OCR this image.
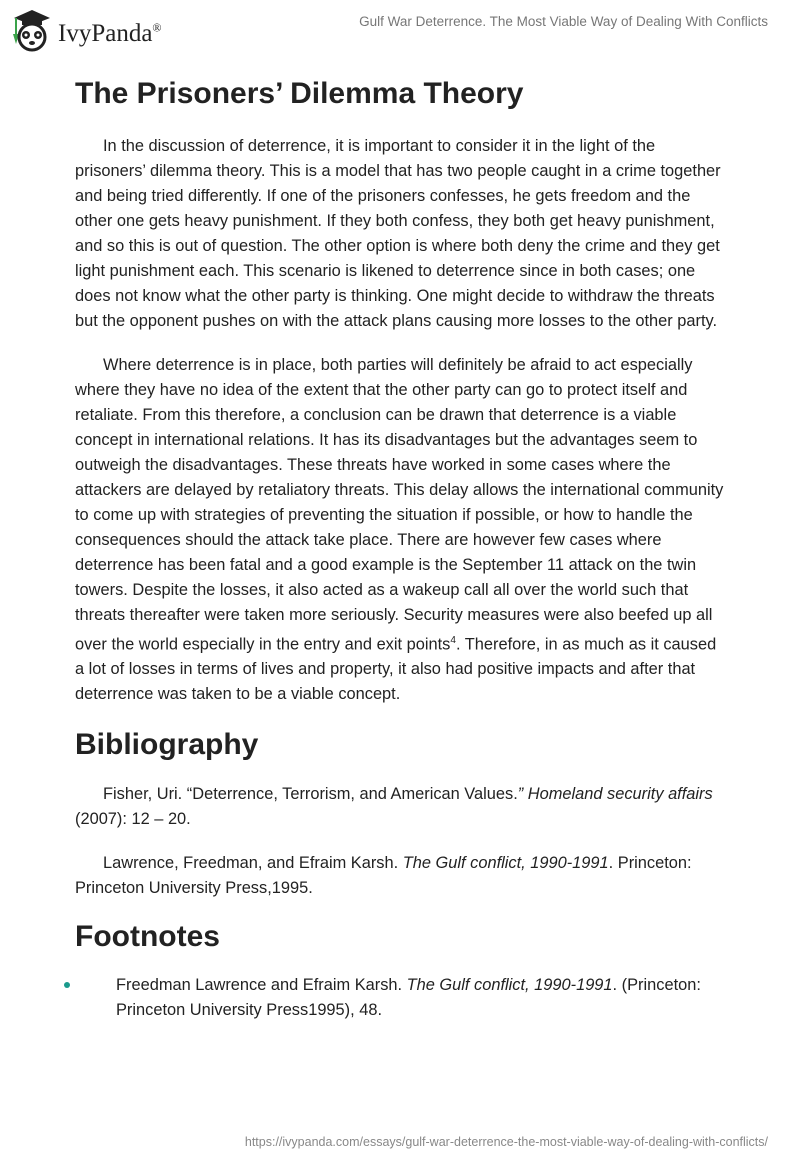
IvyPanda®	Gulf War Deterrence. The Most Viable Way of Dealing With Conflicts
The Prisoners’ Dilemma Theory

In the discussion of deterrence, it is important to consider it in the light of the prisoners’ dilemma theory. This is a model that has two people caught in a crime together and being tried differently. If one of the prisoners confesses, he gets freedom and the other one gets heavy punishment. If they both confess, they both get heavy punishment, and so this is out of question. The other option is where both deny the crime and they get light punishment each. This scenario is likened to deterrence since in both cases; one does not know what the other party is thinking. One might decide to withdraw the threats but the opponent pushes on with the attack plans causing more losses to the other party.

Where deterrence is in place, both parties will definitely be afraid to act especially where they have no idea of the extent that the other party can go to protect itself and retaliate. From this therefore, a conclusion can be drawn that deterrence is a viable concept in international relations. It has its disadvantages but the advantages seem to outweigh the disadvantages. These threats have worked in some cases where the attackers are delayed by retaliatory threats. This delay allows the international community to come up with strategies of preventing the situation if possible, or how to handle the consequences should the attack take place. There are however few cases where deterrence has been fatal and a good example is the September 11 attack on the twin towers. Despite the losses, it also acted as a wakeup call all over the world such that threats thereafter were taken more seriously. Security measures were also beefed up all over the world especially in the entry and exit points$^4$. Therefore, in as much as it caused a lot of losses in terms of lives and property, it also had positive impacts and after that deterrence was taken to be a viable concept.

Bibliography

Fisher, Uri. “Deterrence, Terrorism, and American Values.” Homeland security affairs (2007): 12 – 20.

Lawrence, Freedman, and Efraim Karsh. The Gulf conflict, 1990-1991. Princeton: Princeton University Press,1995.

Footnotes

Freedman Lawrence and Efraim Karsh. The Gulf conflict, 1990-1991. (Princeton: Princeton University Press1995), 48.

https://ivypanda.com/essays/gulf-war-deterrence-the-most-viable-way-of-dealing-with-conflicts/
